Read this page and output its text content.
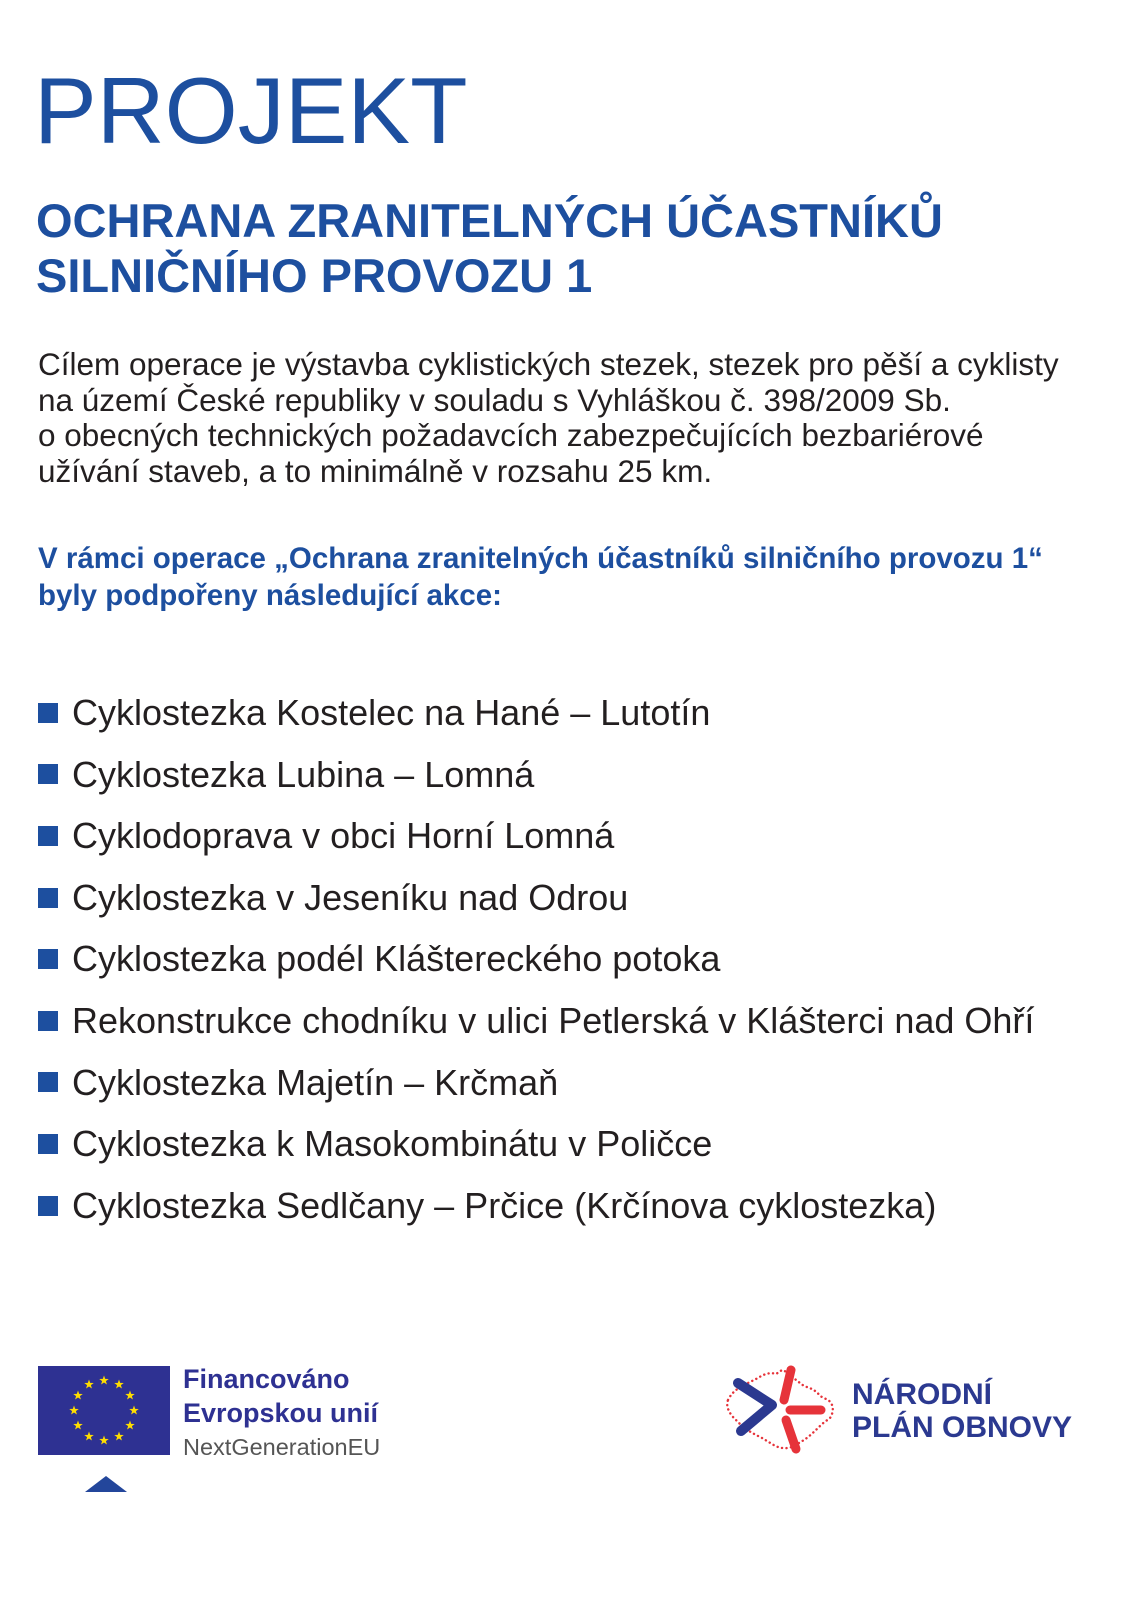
PROJEKT
OCHRANA ZRANITELNÝCH ÚČASTNÍKŮ
SILNIČNÍHO PROVOZU 1
Cílem operace je výstavba cyklistických stezek, stezek pro pěší a cyklisty
na území České republiky v souladu s Vyhláškou č. 398/2009 Sb.
o obecných technických požadavcích zabezpečujících bezbariérové
užívání staveb, a to minimálně v rozsahu 25 km.
V rámci operace „Ochrana zranitelných účastníků silničního provozu 1“
byly podpořeny následující akce:
Cyklostezka Kostelec na Hané – Lutotín
Cyklostezka Lubina – Lomná
Cyklodoprava v obci Horní Lomná
Cyklostezka v Jeseníku nad Odrou
Cyklostezka podél Kláštereckého potoka
Rekonstrukce chodníku v ulici Petlerská v Klášterci nad Ohří
Cyklostezka Majetín – Krčmaň
Cyklostezka k Masokombinátu v Poličce
Cyklostezka Sedlčany – Prčice (Krčínova cyklostezka)
Financováno
Evropskou unií
NextGenerationEU
NÁRODNÍ
PLÁN OBNOVY
